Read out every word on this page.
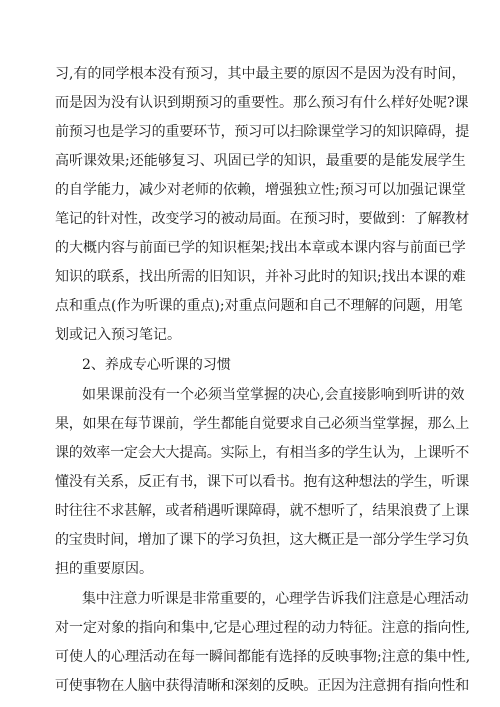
习,有的同学根本没有预习，其中最主要的原因不是因为没有时间，
而是因为没有认识到期预习的重要性。那么预习有什么样好处呢?课
前预习也是学习的重要环节，预习可以扫除课堂学习的知识障碍，提
高听课效果;还能够复习、巩固已学的知识，最重要的是能发展学生
的自学能力，减少对老师的依赖，增强独立性;预习可以加强记课堂
笔记的针对性，改变学习的被动局面。在预习时，要做到：了解教材
的大概内容与前面已学的知识框架;找出本章或本课内容与前面已学
知识的联系，找出所需的旧知识，并补习此时的知识;找出本课的难
点和重点(作为听课的重点);对重点问题和自己不理解的问题，用笔
划或记入预习笔记。
2、养成专心听课的习惯
如果课前没有一个必须当堂掌握的决心,会直接影响到听讲的效
果，如果在每节课前，学生都能自觉要求自己必须当堂掌握，那么上
课的效率一定会大大提高。实际上，有相当多的学生认为，上课听不
懂没有关系，反正有书，课下可以看书。抱有这种想法的学生，听课
时往往不求甚解，或者稍遇听课障碍，就不想听了，结果浪费了上课
的宝贵时间，增加了课下的学习负担，这大概正是一部分学生学习负
担的重要原因。
集中注意力听课是非常重要的，心理学告诉我们注意是心理活动
对一定对象的指向和集中,它是心理过程的动力特征。注意的指向性,
可使人的心理活动在每一瞬间都能有选择的反映事物;注意的集中性,
可使事物在人脑中获得清晰和深刻的反映。正因为注意拥有指向性和
